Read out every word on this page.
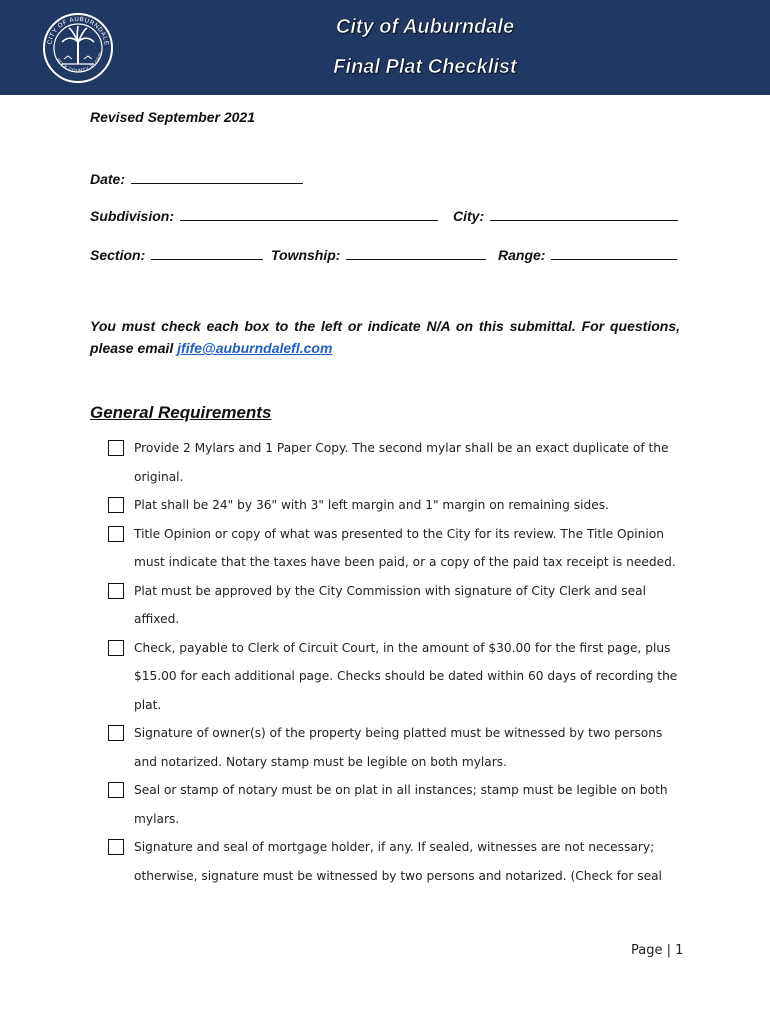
CITY OF AUBURNDALE
POLK COUNTY, FLORID
City of Auburndale
Final Plat Checklist
Revised September 2021
Date:
Subdivision:	City:
Section:	Township:	Range:
You must check each box to the left or indicate N/A on this submittal. For questions, please email jfife@auburndalefl.com
General Requirements
Provide 2 Mylars and 1 Paper Copy. The second mylar shall be an exact duplicate of the original.
Plat shall be 24" by 36" with 3" left margin and 1" margin on remaining sides.
Title Opinion or copy of what was presented to the City for its review. The Title Opinion must indicate that the taxes have been paid, or a copy of the paid tax receipt is needed.
Plat must be approved by the City Commission with signature of City Clerk and seal affixed.
Check, payable to Clerk of Circuit Court, in the amount of $30.00 for the first page, plus $15.00 for each additional page. Checks should be dated within 60 days of recording the plat.
Signature of owner(s) of the property being platted must be witnessed by two persons and notarized. Notary stamp must be legible on both mylars.
Seal or stamp of notary must be on plat in all instances; stamp must be legible on both mylars.
Signature and seal of mortgage holder, if any. If sealed, witnesses are not necessary; otherwise, signature must be witnessed by two persons and notarized. (Check for seal
Page | 1
